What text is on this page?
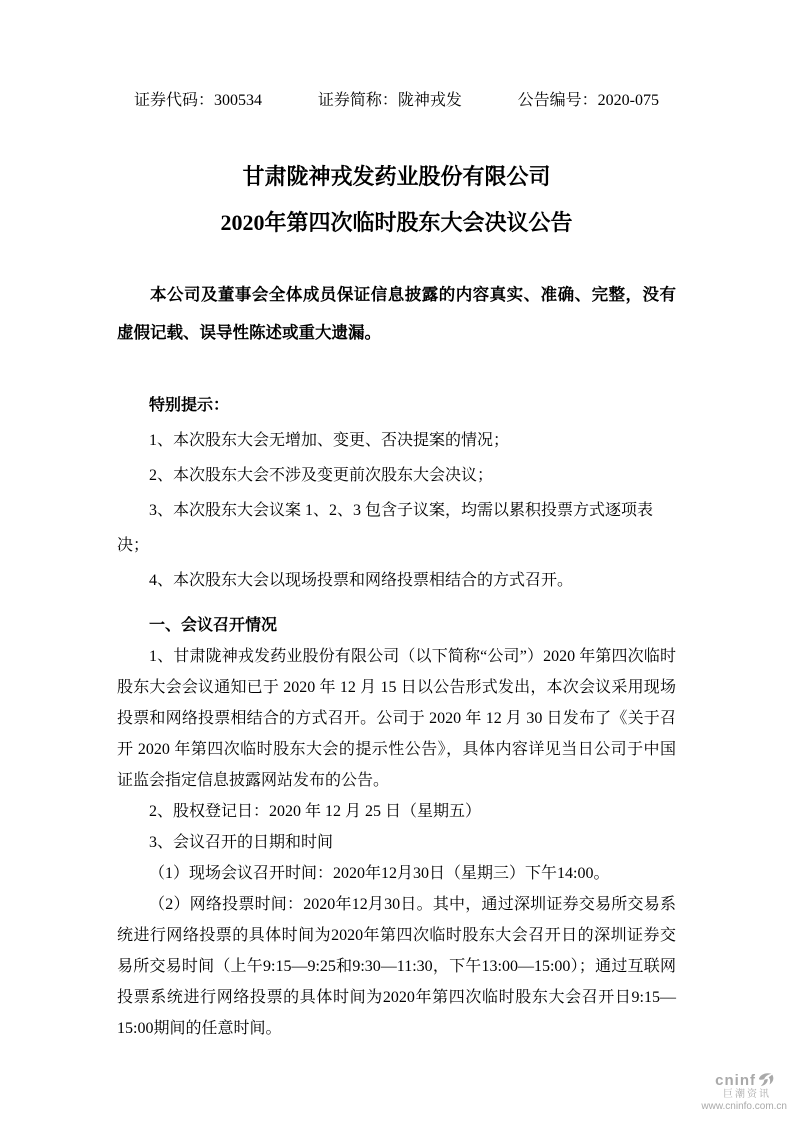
证券代码：300534	证券简称：陇神戎发	公告编号：2020-075
甘肃陇神戎发药业股份有限公司
2020年第四次临时股东大会决议公告

本公司及董事会全体成员保证信息披露的内容真实、准确、完整，没有虚假记载、误导性陈述或重大遗漏。

特别提示：

1、本次股东大会无增加、变更、否决提案的情况；

2、本次股东大会不涉及变更前次股东大会决议；

3、本次股东大会议案 1、2、3 包含子议案，均需以累积投票方式逐项表决；

4、本次股东大会以现场投票和网络投票相结合的方式召开。

一、会议召开情况

1、甘肃陇神戎发药业股份有限公司（以下简称“公司”）2020 年第四次临时股东大会会议通知已于 2020 年 12 月 15 日以公告形式发出，本次会议采用现场投票和网络投票相结合的方式召开。公司于 2020 年 12 月 30 日发布了《关于召开 2020 年第四次临时股东大会的提示性公告》，具体内容详见当日公司于中国证监会指定信息披露网站发布的公告。

2、股权登记日：2020 年 12 月 25 日（星期五）

3、会议召开的日期和时间

（1）现场会议召开时间：2020年12月30日（星期三）下午14:00。

（2）网络投票时间：2020年12月30日。其中，通过深圳证券交易所交易系统进行网络投票的具体时间为2020年第四次临时股东大会召开日的深圳证券交易所交易时间（上午9:15—9:25和9:30—11:30，下午13:00—15:00）；通过互联网投票系统进行网络投票的具体时间为2020年第四次临时股东大会召开日9:15—15:00期间的任意时间。

cninf
巨潮资讯
www.cninfo.com.cn
